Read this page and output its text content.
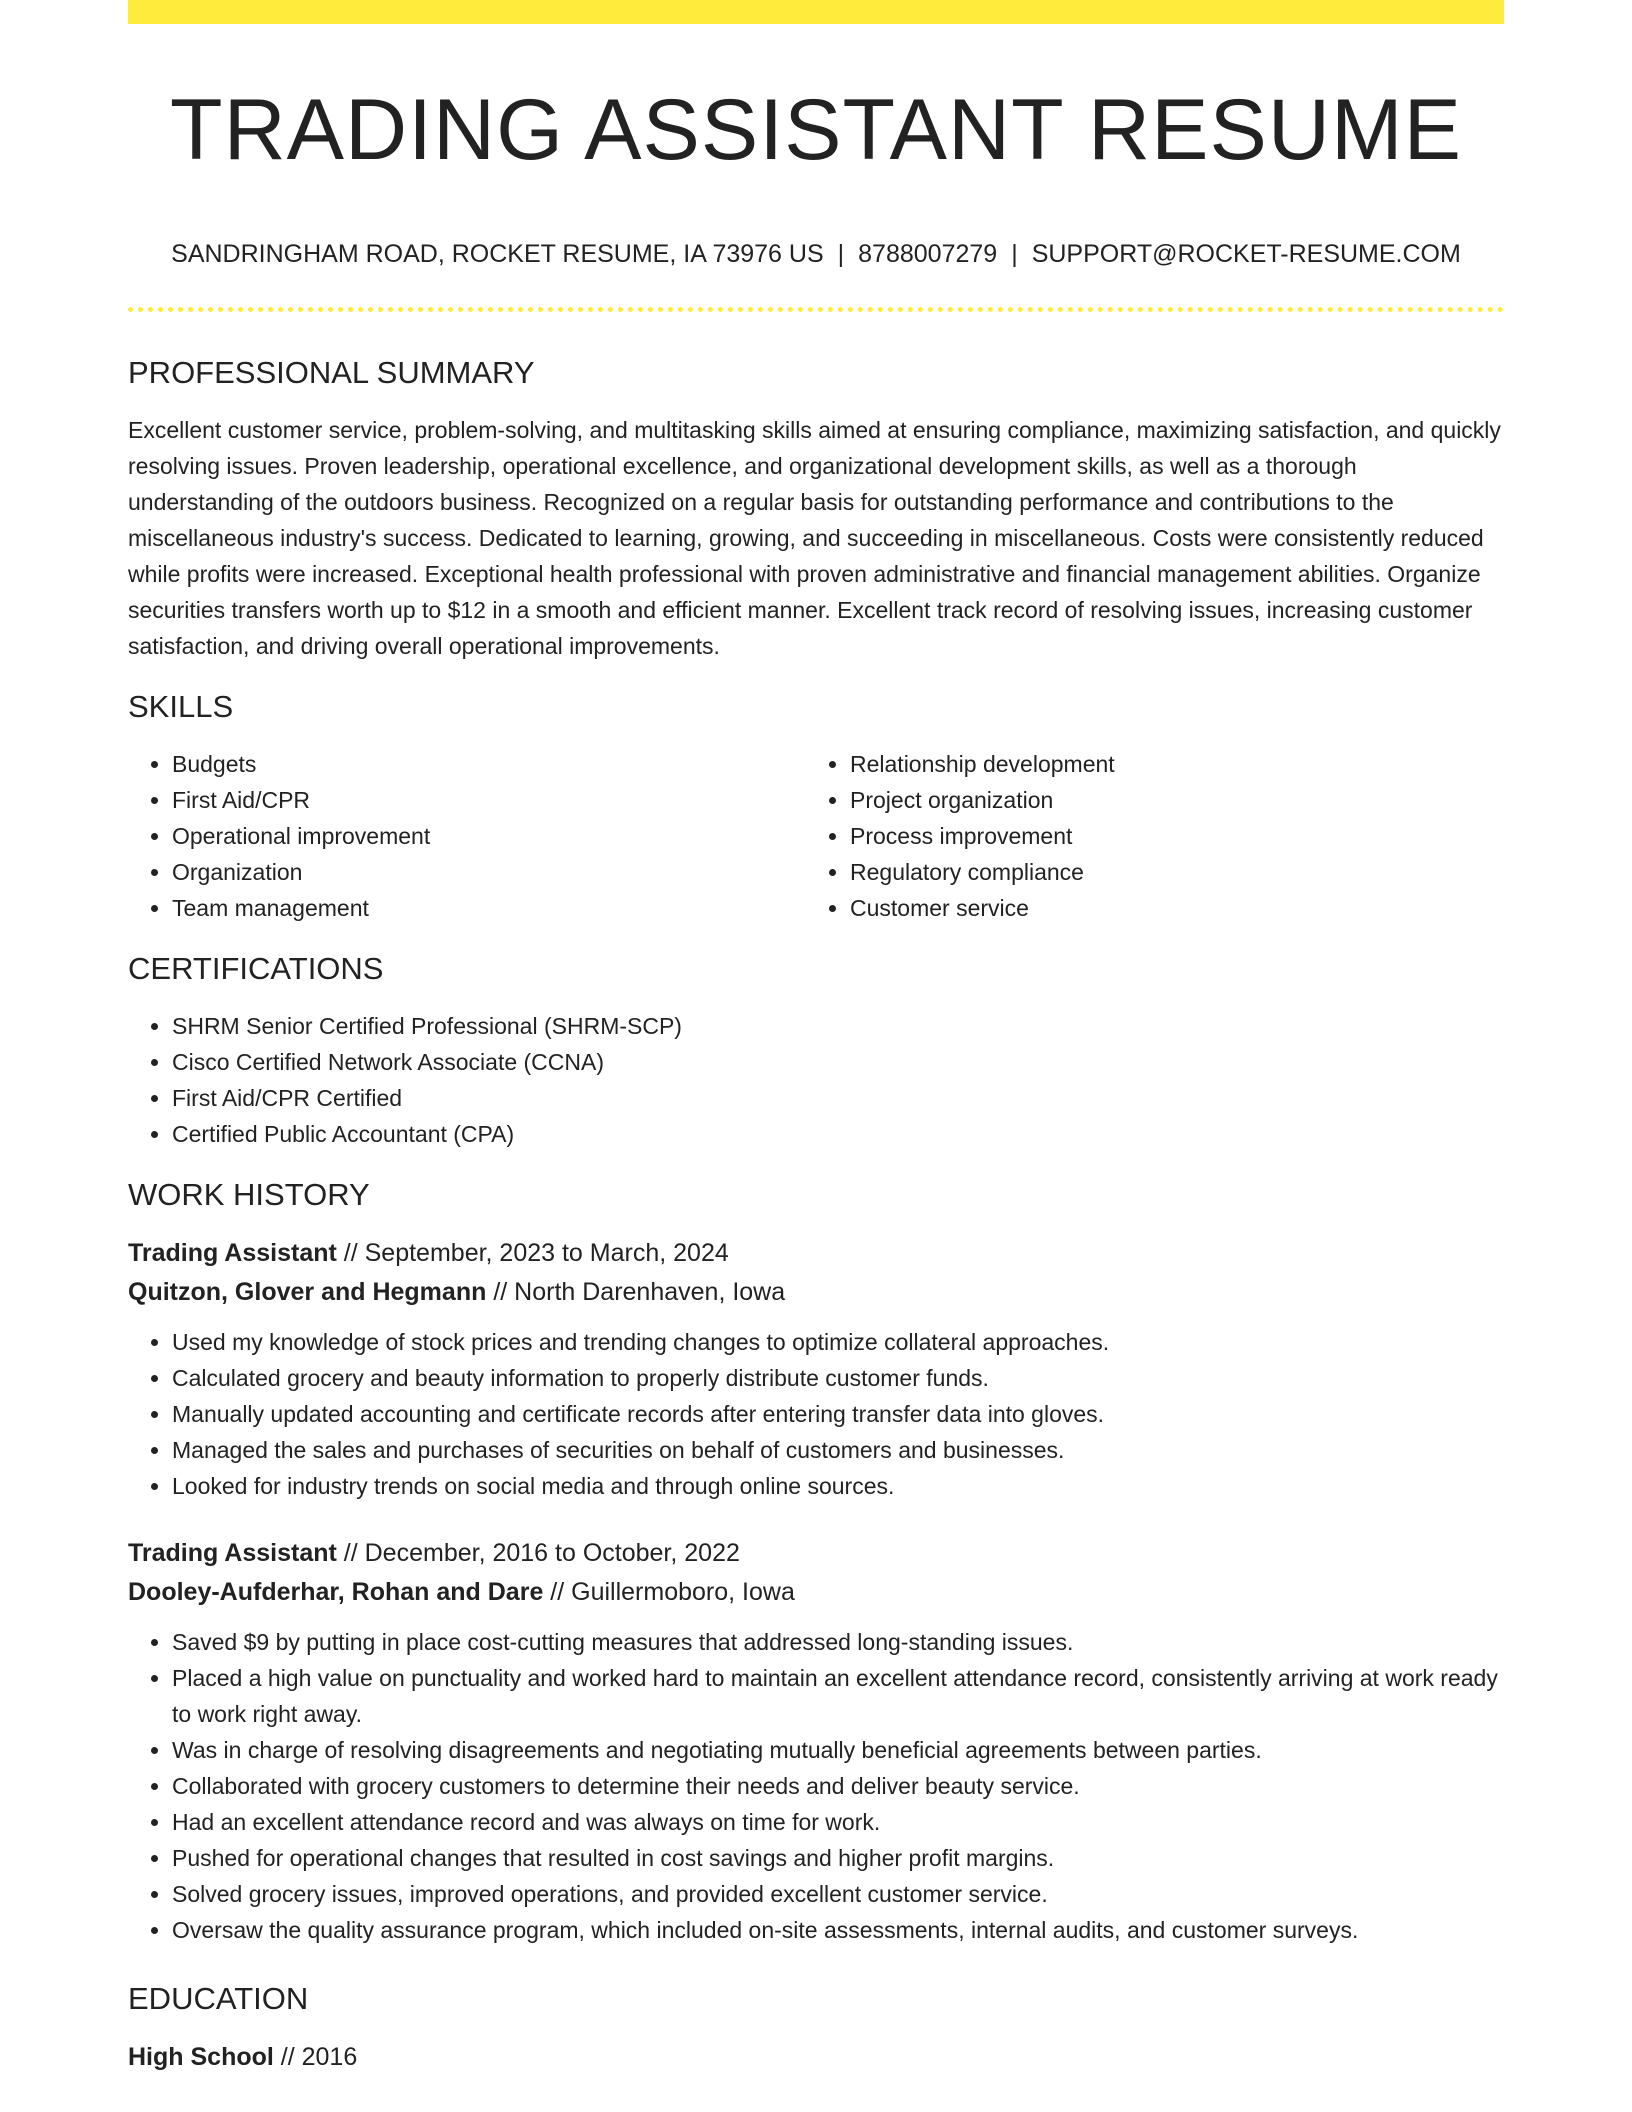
TRADING ASSISTANT RESUME
SANDRINGHAM ROAD, ROCKET RESUME, IA 73976 US | 8788007279 | SUPPORT@ROCKET-RESUME.COM
PROFESSIONAL SUMMARY

Excellent customer service, problem-solving, and multitasking skills aimed at ensuring compliance, maximizing satisfaction, and quickly resolving issues. Proven leadership, operational excellence, and organizational development skills, as well as a thorough understanding of the outdoors business. Recognized on a regular basis for outstanding performance and contributions to the miscellaneous industry's success. Dedicated to learning, growing, and succeeding in miscellaneous. Costs were consistently reduced while profits were increased. Exceptional health professional with proven administrative and financial management abilities. Organize securities transfers worth up to $12 in a smooth and efficient manner. Excellent track record of resolving issues, increasing customer satisfaction, and driving overall operational improvements.

SKILLS
• Budgets
• First Aid/CPR
• Operational improvement
• Organization
• Team management
• Relationship development
• Project organization
• Process improvement
• Regulatory compliance
• Customer service
CERTIFICATIONS
• SHRM Senior Certified Professional (SHRM-SCP)
• Cisco Certified Network Associate (CCNA)
• First Aid/CPR Certified
• Certified Public Accountant (CPA)
WORK HISTORY
Trading Assistant // September, 2023 to March, 2024
Quitzon, Glover and Hegmann // North Darenhaven, Iowa
• Used my knowledge of stock prices and trending changes to optimize collateral approaches.
• Calculated grocery and beauty information to properly distribute customer funds.
• Manually updated accounting and certificate records after entering transfer data into gloves.
• Managed the sales and purchases of securities on behalf of customers and businesses.
• Looked for industry trends on social media and through online sources.
Trading Assistant // December, 2016 to October, 2022
Dooley-Aufderhar, Rohan and Dare // Guillermoboro, Iowa
• Saved $9 by putting in place cost-cutting measures that addressed long-standing issues.
• Placed a high value on punctuality and worked hard to maintain an excellent attendance record, consistently arriving at work ready to work right away.
• Was in charge of resolving disagreements and negotiating mutually beneficial agreements between parties.
• Collaborated with grocery customers to determine their needs and deliver beauty service.
• Had an excellent attendance record and was always on time for work.
• Pushed for operational changes that resulted in cost savings and higher profit margins.
• Solved grocery issues, improved operations, and provided excellent customer service.
• Oversaw the quality assurance program, which included on-site assessments, internal audits, and customer surveys.
EDUCATION
High School // 2016
